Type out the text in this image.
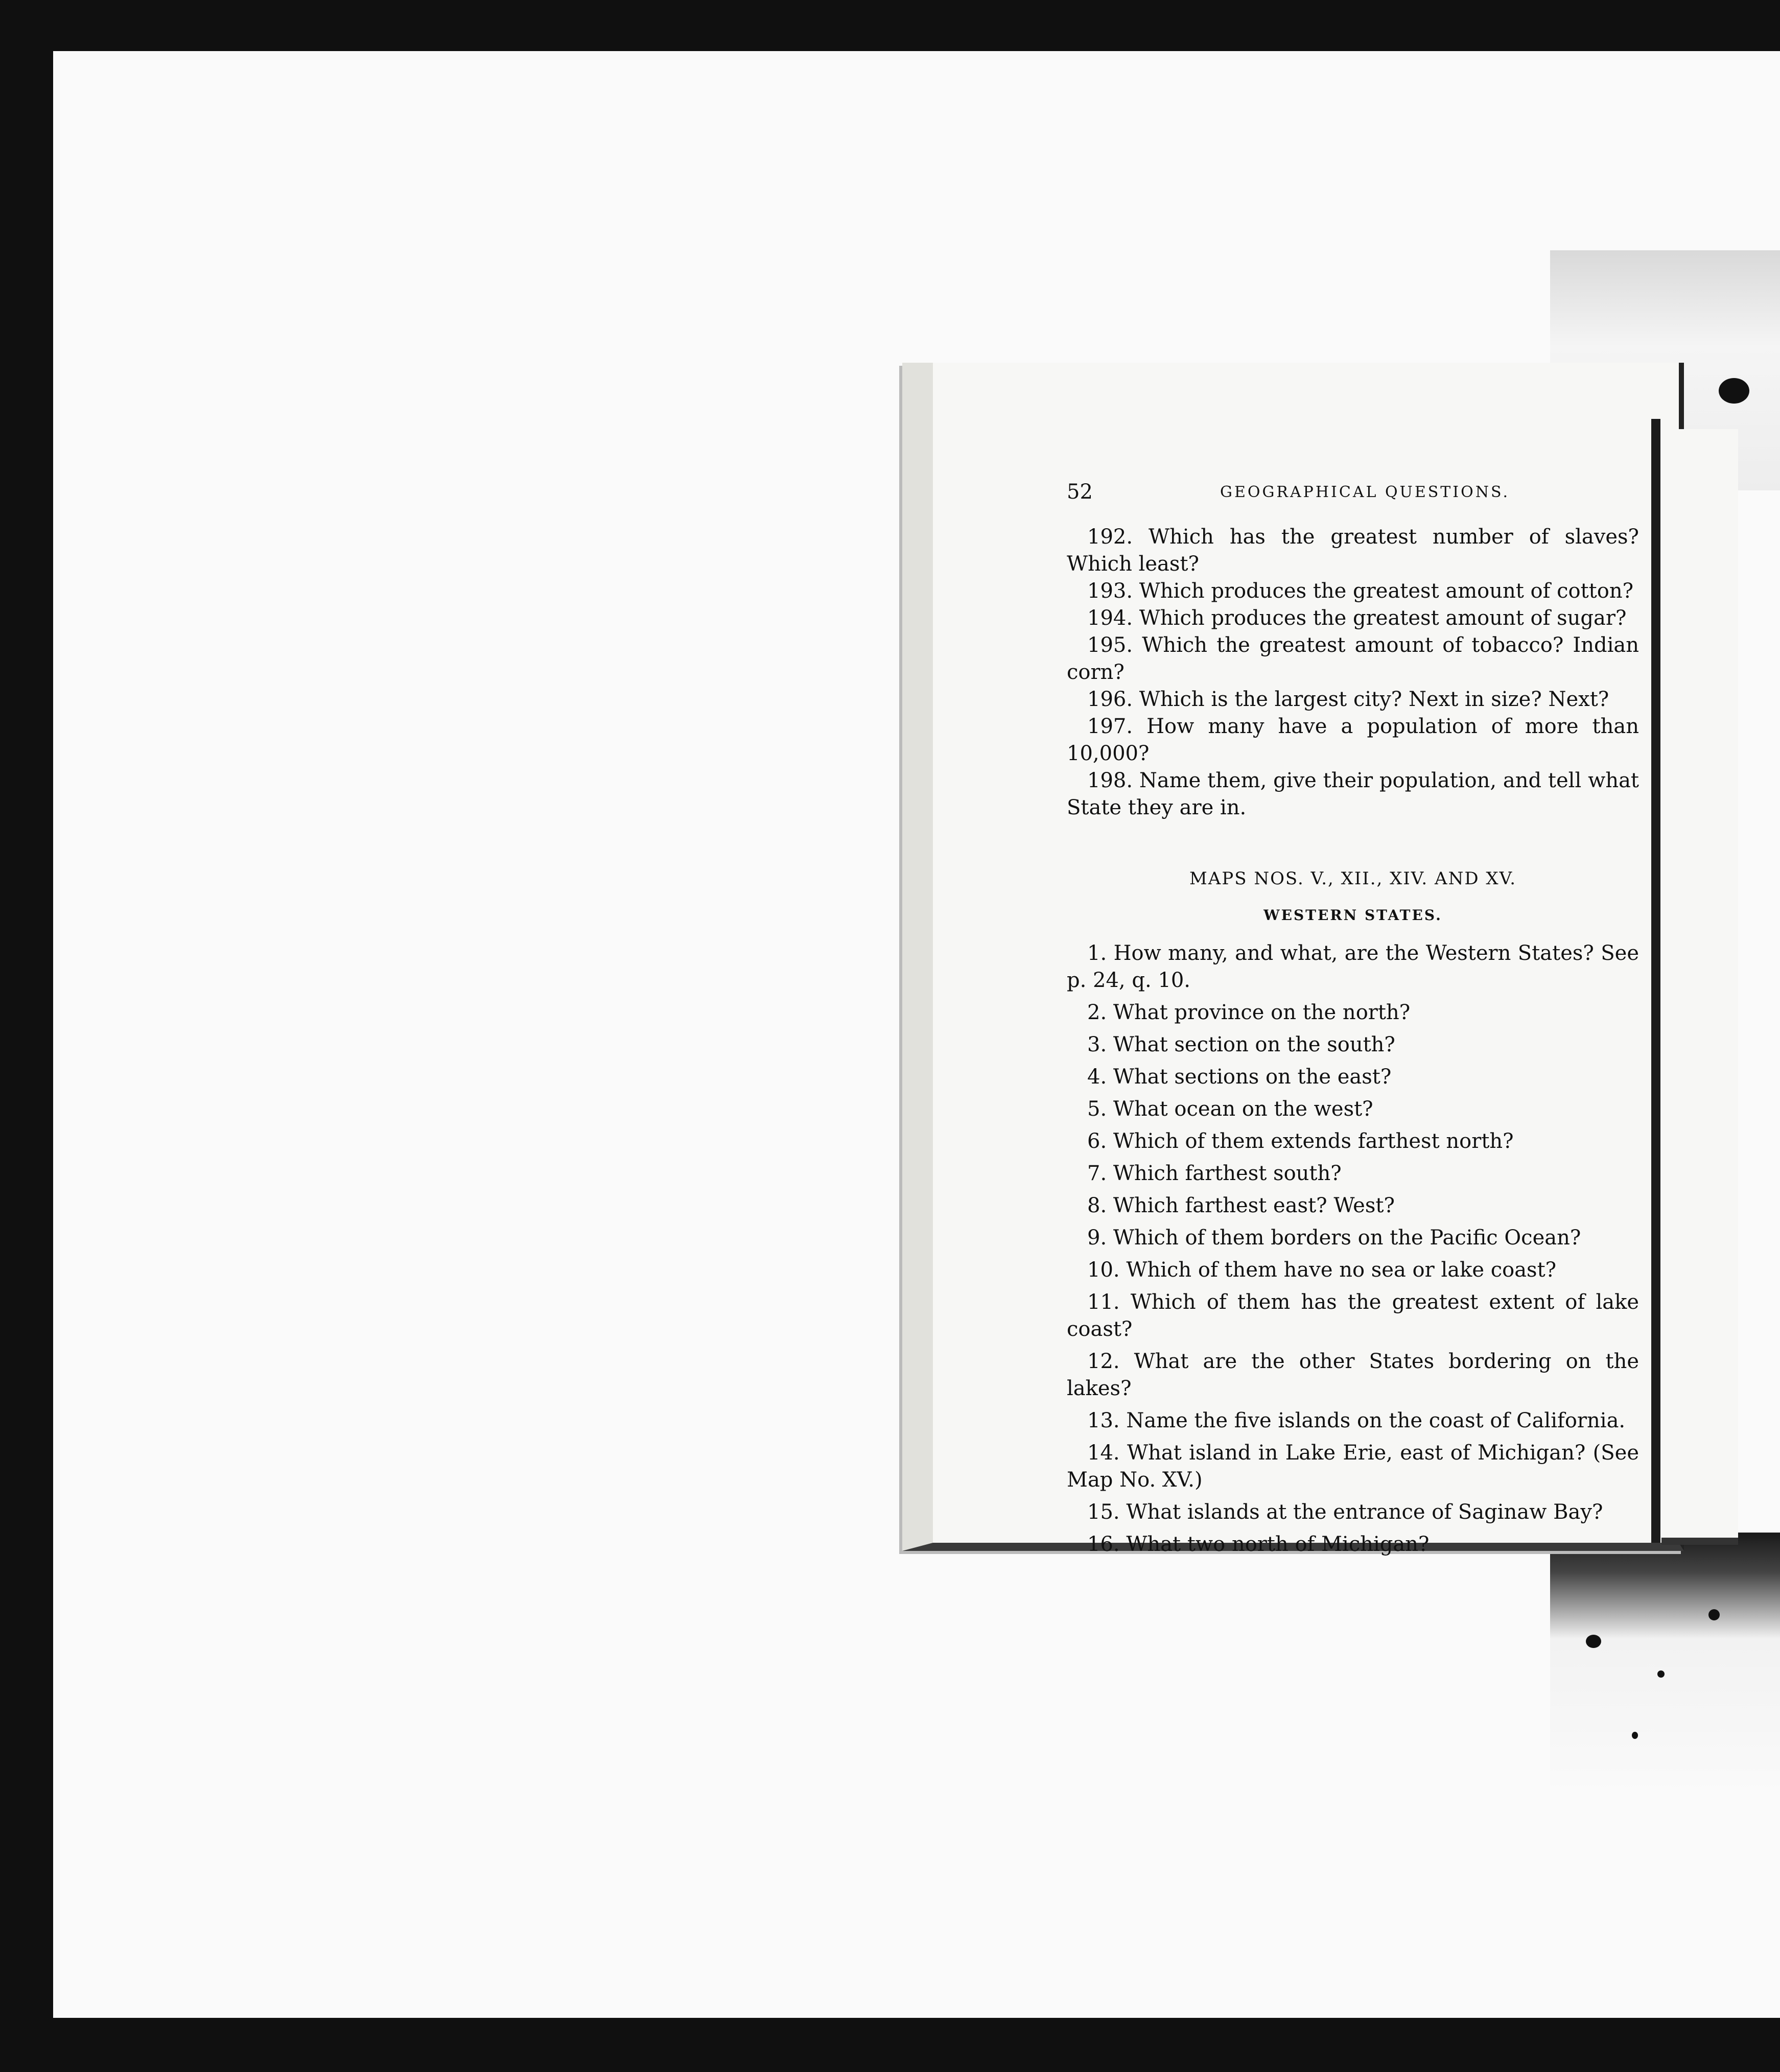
52	GEOGRAPHICAL QUESTIONS.

192. Which has the greatest number of slaves? Which least?

193. Which produces the greatest amount of cotton?

194. Which produces the greatest amount of sugar?

195. Which the greatest amount of tobacco? Indian corn?

196. Which is the largest city? Next in size? Next?

197. How many have a population of more than 10,000?

198. Name them, give their population, and tell what State they are in.

MAPS NOS. V., XII., XIV. AND XV.
WESTERN STATES.

1. How many, and what, are the Western States? See p. 24, q. 10.

2. What province on the north?

3. What section on the south?

4. What sections on the east?

5. What ocean on the west?

6. Which of them extends farthest north?

7. Which farthest south?

8. Which farthest east? West?

9. Which of them borders on the Pacific Ocean?

10. Which of them have no sea or lake coast?

11. Which of them has the greatest extent of lake coast?

12. What are the other States bordering on the lakes?

13. Name the five islands on the coast of California.

14. What island in Lake Erie, east of Michigan? (See Map No. XV.)

15. What islands at the entrance of Saginaw Bay?

16. What two north of Michigan?
